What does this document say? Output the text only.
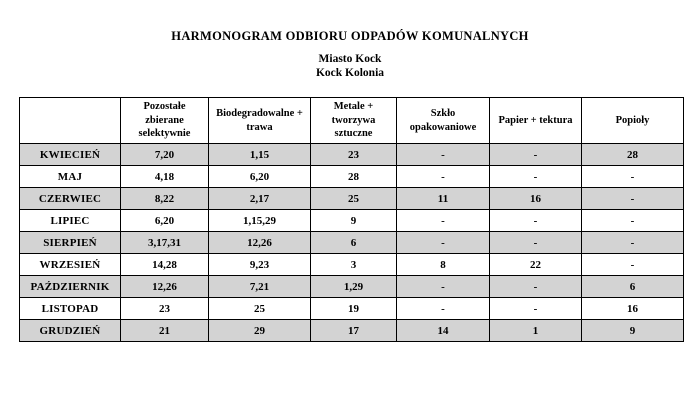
HARMONOGRAM ODBIORU ODPADÓW KOMUNALNYCH
Miasto Kock
Kock Kolonia
	Pozostałe zbierane selektywnie	Biodegradowalne + trawa	Metale + tworzywa sztuczne	Szkło opakowaniowe	Papier + tektura	Popioły
KWIECIEŃ	7,20	1,15	23	-	-	28
MAJ	4,18	6,20	28	-	-	-
CZERWIEC	8,22	2,17	25	11	16	-
LIPIEC	6,20	1,15,29	9	-	-	-
SIERPIEŃ	3,17,31	12,26	6	-	-	-
WRZESIEŃ	14,28	9,23	3	8	22	-
PAŹDZIERNIK	12,26	7,21	1,29	-	-	6
LISTOPAD	23	25	19	-	-	16
GRUDZIEŃ	21	29	17	14	1	9
